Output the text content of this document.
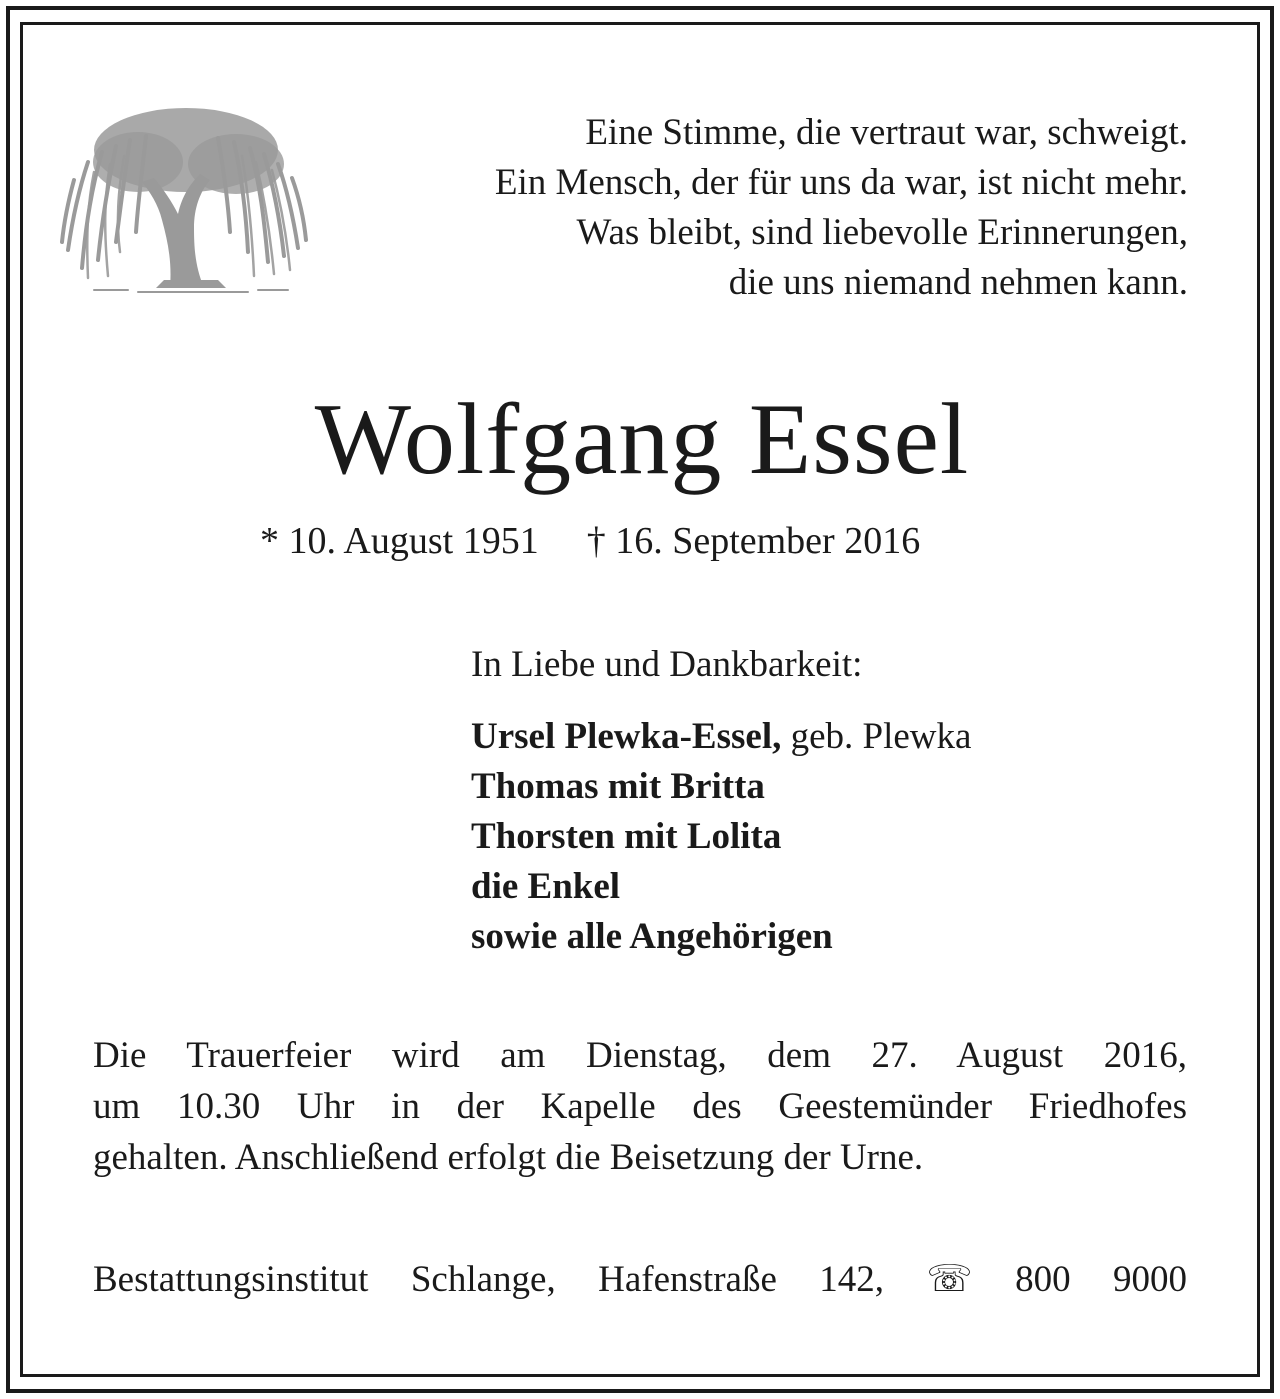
Eine Stimme, die vertraut war, schweigt.
Ein Mensch, der für uns da war, ist nicht mehr.
Was bleibt, sind liebevolle Erinnerungen,
die uns niemand nehmen kann.
Wolfgang Essel
* 10. August 1951 † 16. September 2016
In Liebe und Dankbarkeit:
Ursel Plewka-Essel, geb. Plewka
Thomas mit Britta
Thorsten mit Lolita
die Enkel
sowie alle Angehörigen
Die Trauerfeier wird am Dienstag, dem 27. August 2016,
um 10.30 Uhr in der Kapelle des Geestemünder Friedhofes
gehalten. Anschließend erfolgt die Beisetzung der Urne.
Bestattungsinstitut Schlange, Hafenstraße 142, ☏ 800 9000
